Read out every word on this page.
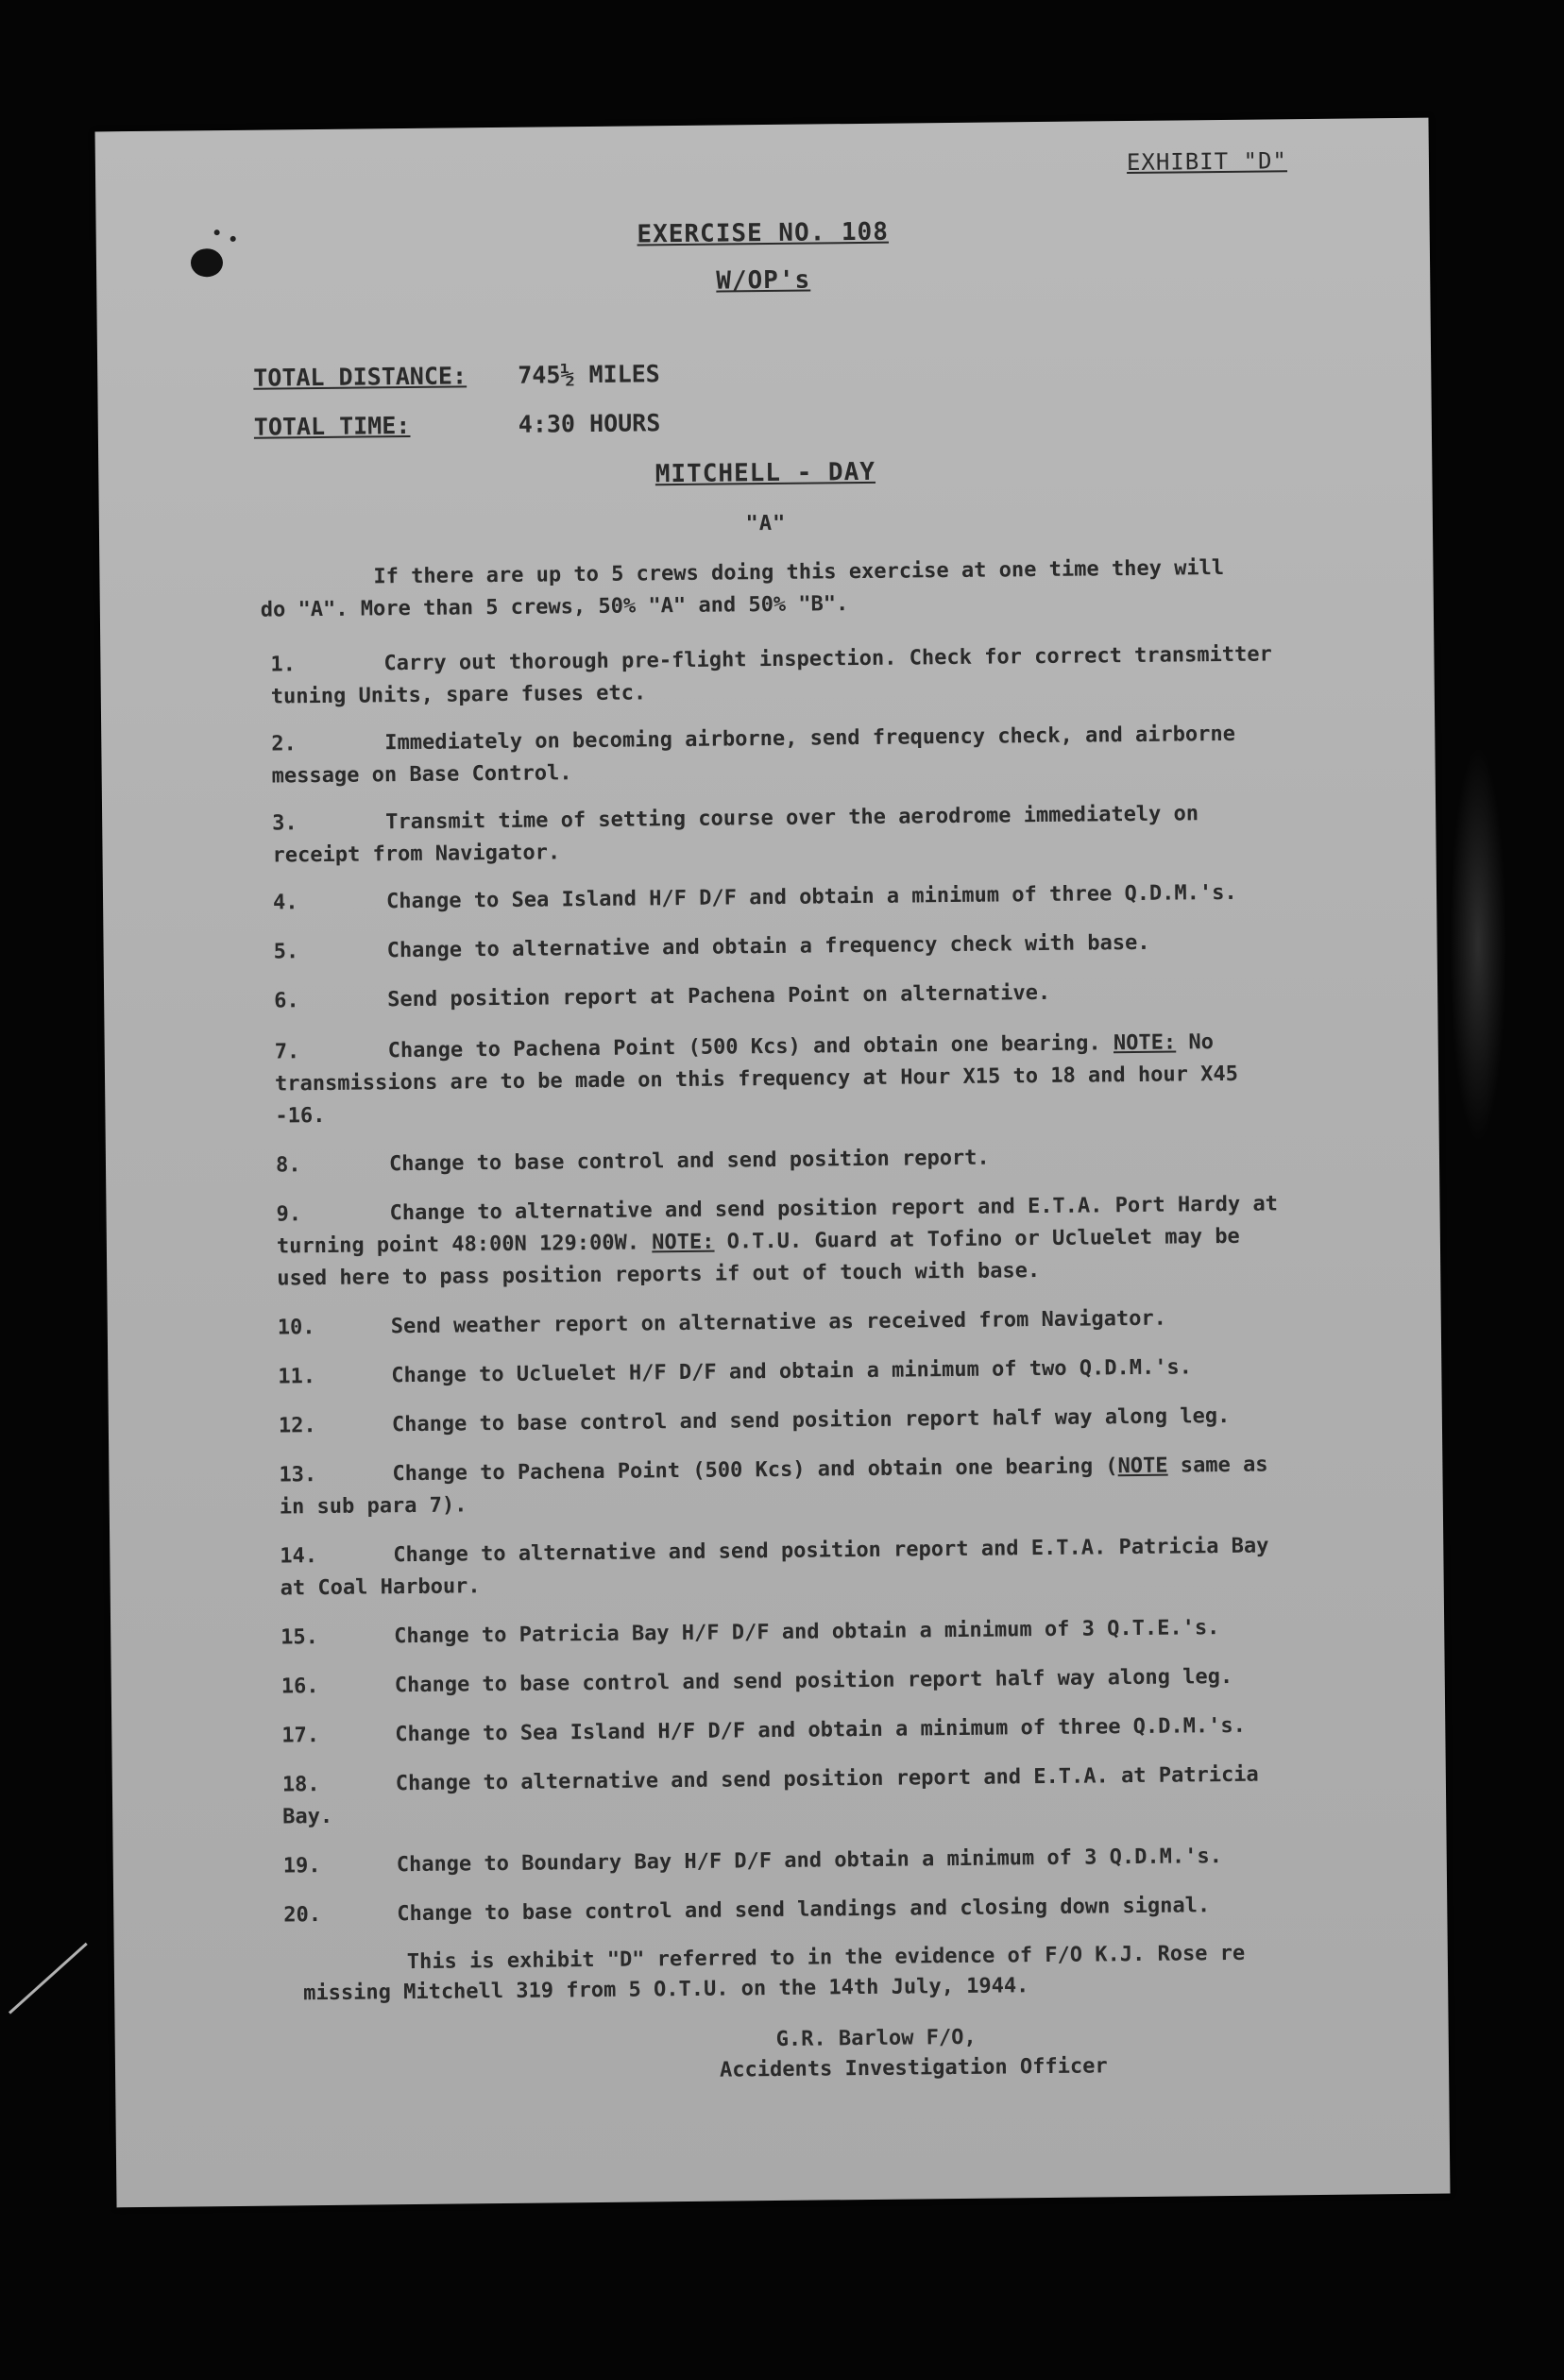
EXHIBIT "D"
EXERCISE NO. 108
W/OP's
TOTAL DISTANCE: 745½ MILES
TOTAL TIME:	4:30 HOURS
MITCHELL - DAY
"A"
If there are up to 5 crews doing this exercise at one time they will do "A". More than 5 crews, 50% "A" and 50% "B".
1.	Carry out thorough pre-flight inspection. Check for correct transmitter tuning Units, spare fuses etc.
2.	Immediately on becoming airborne, send frequency check, and airborne message on Base Control.
3.	Transmit time of setting course over the aerodrome immediately on receipt from Navigator.
4.	Change to Sea Island H/F D/F and obtain a minimum of three Q.D.M.'s.
5.	Change to alternative and obtain a frequency check with base.
6.	Send position report at Pachena Point on alternative.
7.	Change to Pachena Point (500 Kcs) and obtain one bearing. NOTE: No transmissions are to be made on this frequency at Hour X15 to 18 and hour X45 -16.
8.	Change to base control and send position report.
9.	Change to alternative and send position report and E.T.A. Port Hardy at turning point 48:00N 129:00W. NOTE: O.T.U. Guard at Tofino or Ucluelet may be used here to pass position reports if out of touch with base.
10.	Send weather report on alternative as received from Navigator.
11.	Change to Ucluelet H/F D/F and obtain a minimum of two Q.D.M.'s.
12.	Change to base control and send position report half way along leg.
13.	Change to Pachena Point (500 Kcs) and obtain one bearing (NOTE same as in sub para 7).
14.	Change to alternative and send position report and E.T.A. Patricia Bay at Coal Harbour.
15.	Change to Patricia Bay H/F D/F and obtain a minimum of 3 Q.T.E.'s.
16.	Change to base control and send position report half way along leg.
17.	Change to Sea Island H/F D/F and obtain a minimum of three Q.D.M.'s.
18.	Change to alternative and send position report and E.T.A. at Patricia Bay.
19.	Change to Boundary Bay H/F D/F and obtain a minimum of 3 Q.D.M.'s.
20.	Change to base control and send landings and closing down signal.
This is exhibit "D" referred to in the evidence of F/O K.J. Rose re missing Mitchell 319 from 5 O.T.U. on the 14th July, 1944.
G.R. Barlow F/O,
Accidents Investigation Officer
